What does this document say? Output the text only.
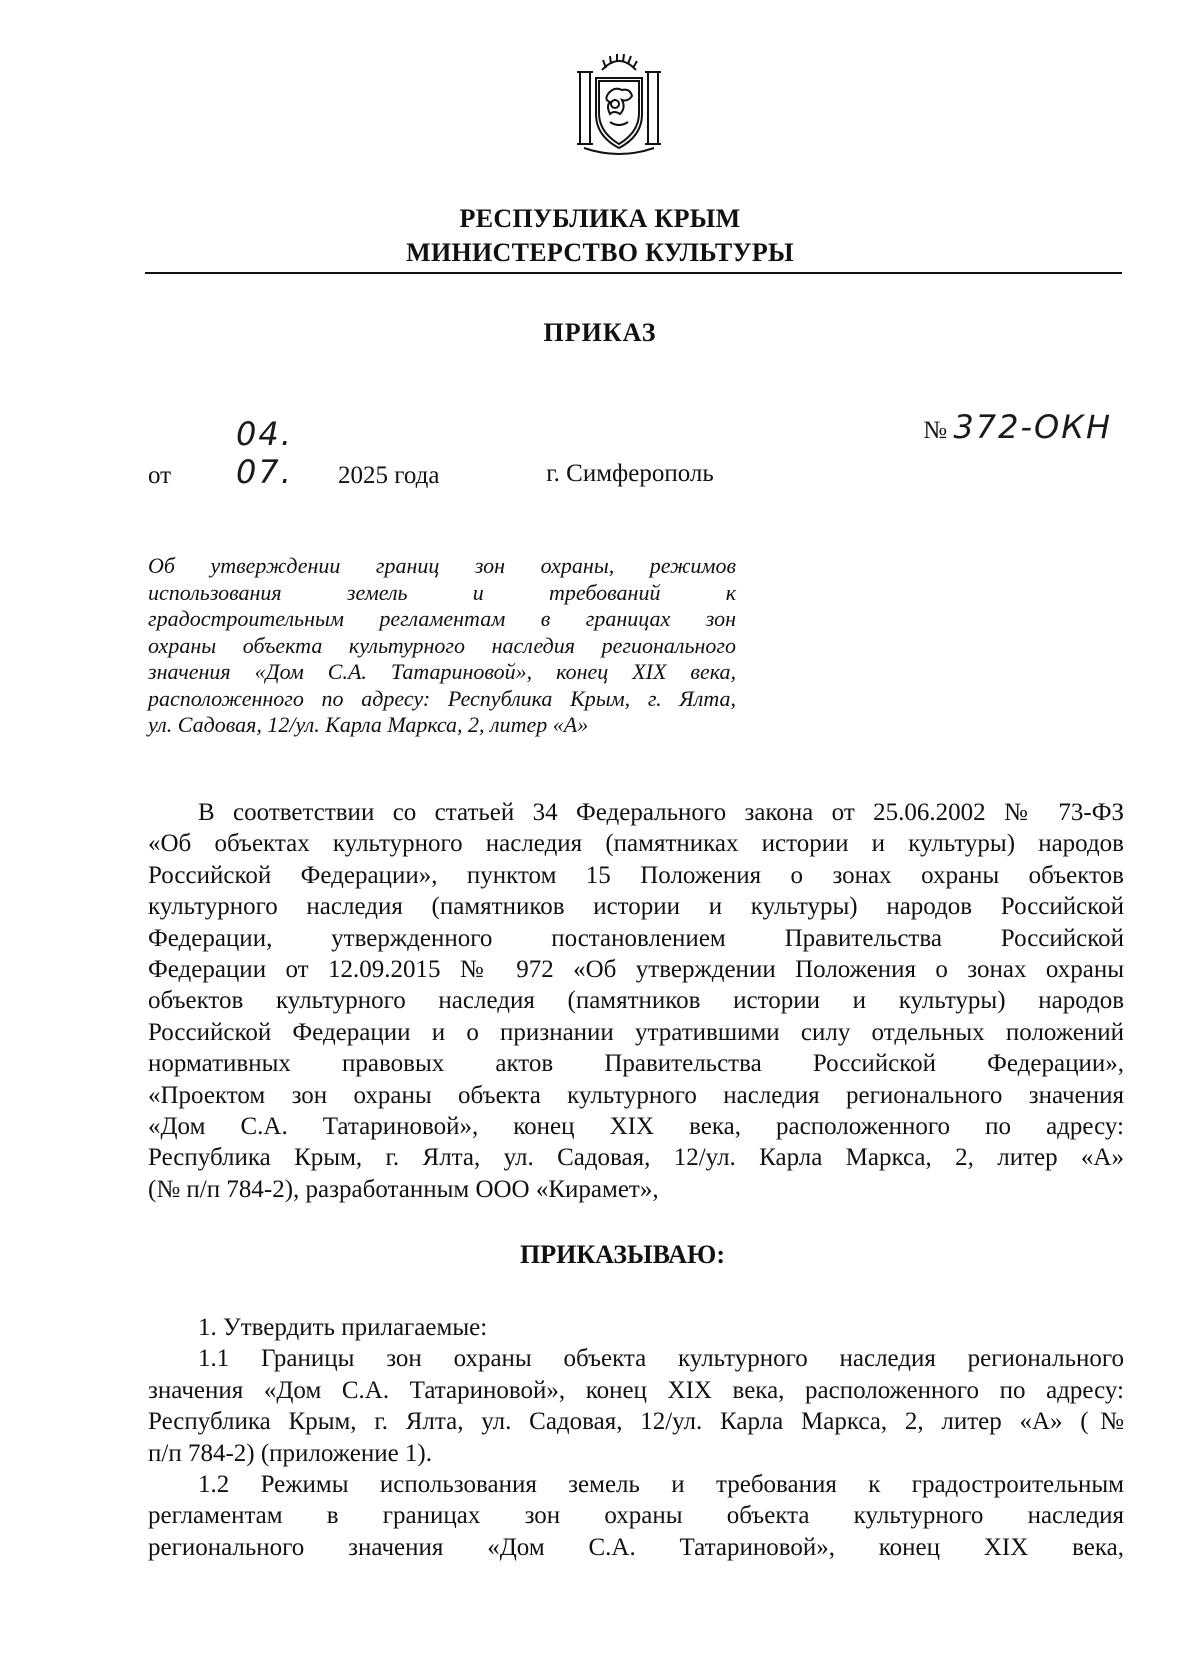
РЕСПУБЛИКА КРЫМ
МИНИСТЕРСТВО КУЛЬТУРЫ
ПРИКАЗ
от04. 07. 2025 года
№ 372-ОКН
г. Симферополь
Об утверждении границ зон охраны, режимов
использования земель и требований к
градостроительным регламентам в границах зон
охраны объекта культурного наследия регионального
значения «Дом С.А. Татариновой», конец XIX века,
расположенного по адресу: Республика Крым, г. Ялта,
ул. Садовая, 12/ул. Карла Маркса, 2, литер «А»
В соответствии со статьей 34 Федерального закона от 25.06.2002 № 73-ФЗ
«Об объектах культурного наследия (памятниках истории и культуры) народов
Российской Федерации», пунктом 15 Положения о зонах охраны объектов
культурного наследия (памятников истории и культуры) народов Российской
Федерации, утвержденного постановлением Правительства Российской
Федерации от 12.09.2015 № 972 «Об утверждении Положения о зонах охраны
объектов культурного наследия (памятников истории и культуры) народов
Российской Федерации и о признании утратившими силу отдельных положений
нормативных правовых актов Правительства Российской Федерации»,
«Проектом зон охраны объекта культурного наследия регионального значения
«Дом С.А. Татариновой», конец XIX века, расположенного по адресу:
Республика Крым, г. Ялта, ул. Садовая, 12/ул. Карла Маркса, 2, литер «А»
(№ п/п 784-2), разработанным ООО «Кирамет»,
ПРИКАЗЫВАЮ:
1. Утвердить прилагаемые:
1.1 Границы зон охраны объекта культурного наследия регионального
значения «Дом С.А. Татариновой», конец XIX века, расположенного по адресу:
Республика Крым, г. Ялта, ул. Садовая, 12/ул. Карла Маркса, 2, литер «А» (№
п/п 784-2) (приложение 1).
1.2 Режимы использования земель и требования к градостроительным
регламентам в границах зон охраны объекта культурного наследия
регионального значения «Дом С.А. Татариновой», конец XIX века,
